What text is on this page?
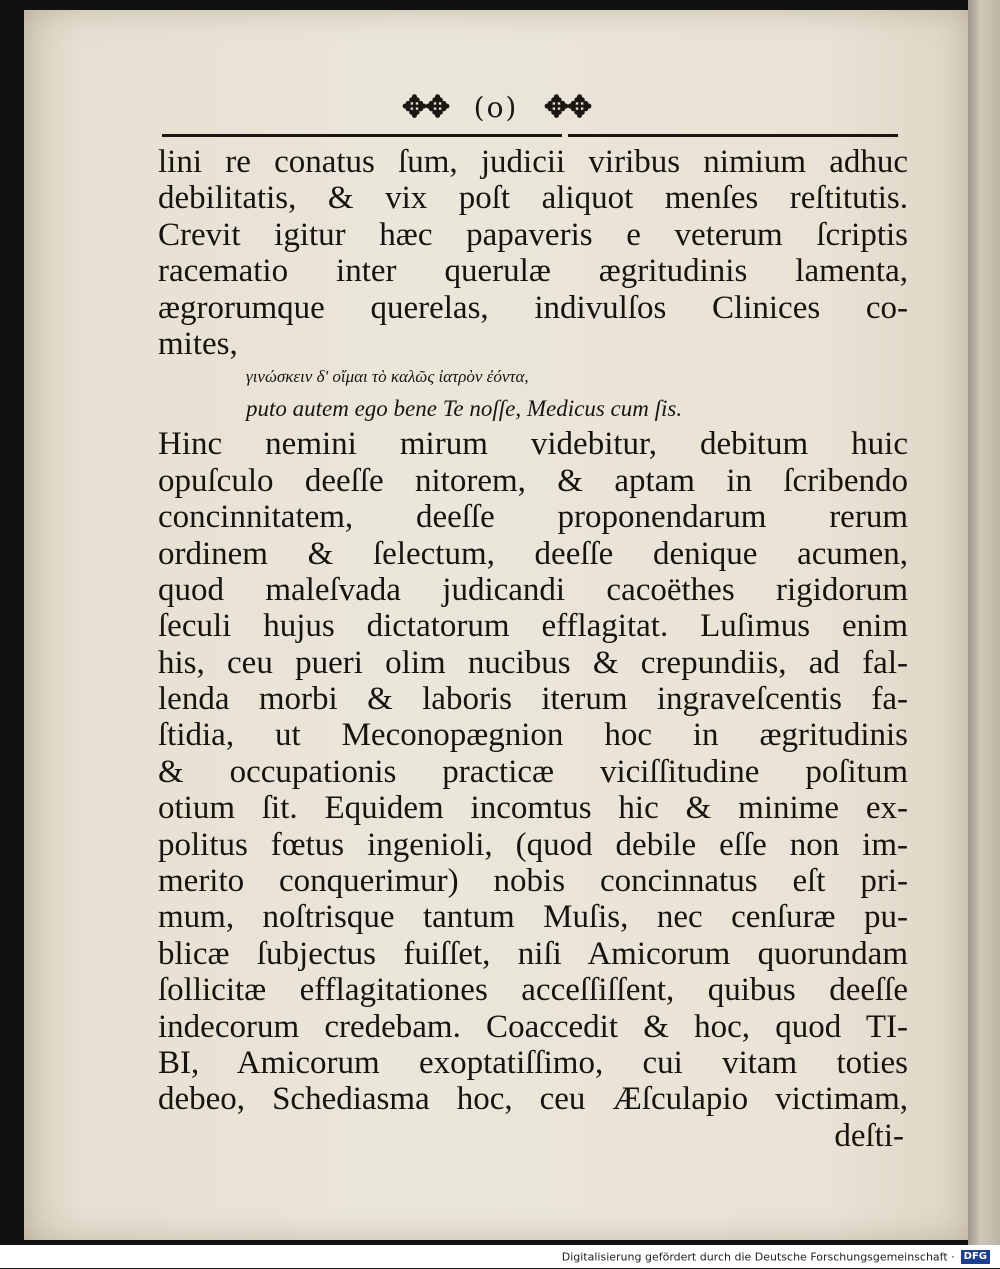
✥✥ (o) ✥✥
lini re conatus ſum, judicii viribus nimium adhuc
debilitatis, & vix poſt aliquot menſes reſtitutis.
Crevit igitur hæc papaveris e veterum ſcriptis
racematio inter querulæ ægritudinis lamenta,
ægrorumque querelas, indivulſos Clinices co-
mites,
γινώσκειν δ' οἴμαι τὸ καλῶς ἰατρὸν ἐόντα,
puto autem ego bene Te noſſe, Medicus cum ſis.
Hinc nemini mirum videbitur, debitum huic
opuſculo deeſſe nitorem, & aptam in ſcribendo
concinnitatem, deeſſe proponendarum rerum
ordinem & ſelectum, deeſſe denique acumen,
quod maleſvada judicandi cacoëthes rigidorum
ſeculi hujus dictatorum efflagitat. Luſimus enim
his, ceu pueri olim nucibus & crepundiis, ad fal-
lenda morbi & laboris iterum ingraveſcentis fa-
ſtidia, ut Meconopægnion hoc in ægritudinis
& occupationis practicæ viciſſitudine poſitum
otium ſit. Equidem incomtus hic & minime ex-
politus fœtus ingenioli, (quod debile eſſe non im-
merito conquerimur) nobis concinnatus eſt pri-
mum, noſtrisque tantum Muſis, nec cenſuræ pu-
blicæ ſubjectus fuiſſet, niſi Amicorum quorundam
ſollicitæ efflagitationes acceſſiſſent, quibus deeſſe
indecorum credebam. Coaccedit & hoc, quod TI-
BI, Amicorum exoptatiſſimo, cui vitam toties
debeo, Schediasma hoc, ceu Æſculapio victimam,
deſti-
Digitalisierung gefördert durch die Deutsche Forschungsgemeinschaft · DFG
